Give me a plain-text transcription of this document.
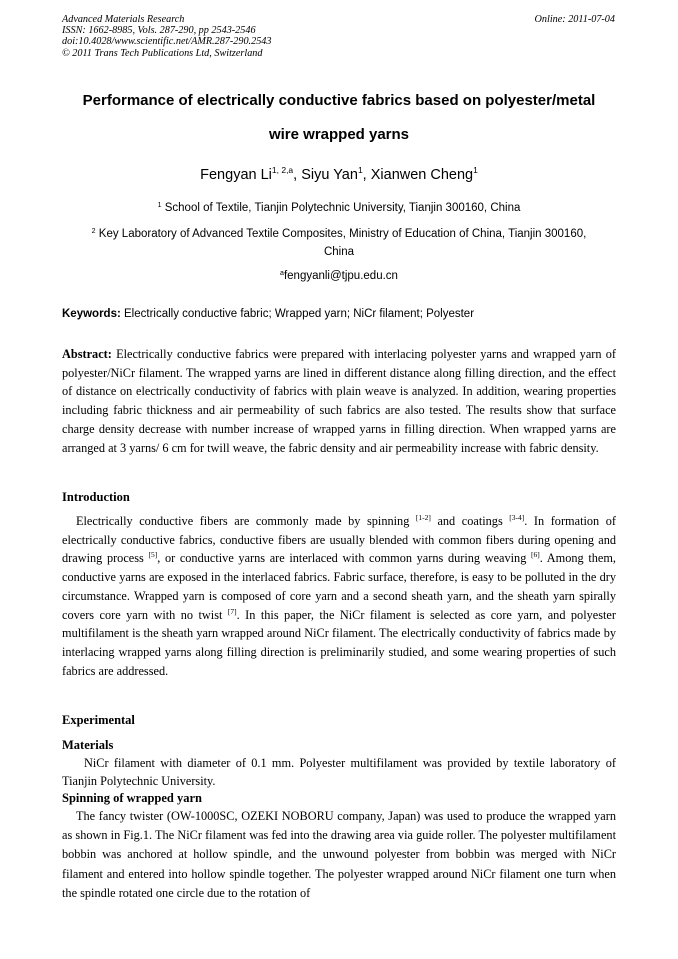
Advanced Materials Research
ISSN: 1662-8985, Vols. 287-290, pp 2543-2546
doi:10.4028/www.scientific.net/AMR.287-290.2543
© 2011 Trans Tech Publications Ltd, Switzerland
Online: 2011-07-04
Performance of electrically conductive fabrics based on polyester/metal
wire wrapped yarns
Fengyan Li$^{1, 2,a}$, Siyu Yan$^1$, Xianwen Cheng$^1$
$^1$ School of Textile, Tianjin Polytechnic University, Tianjin 300160, China
$^2$ Key Laboratory of Advanced Textile Composites, Ministry of Education of China, Tianjin 300160,
China
$^a$fengyanli@tjpu.edu.cn
Keywords: Electrically conductive fabric; Wrapped yarn; NiCr filament; Polyester
Abstract: Electrically conductive fabrics were prepared with interlacing polyester yarns and wrapped yarn of polyester/NiCr filament. The wrapped yarns are lined in different distance along filling direction, and the effect of distance on electrically conductivity of fabrics with plain weave is analyzed. In addition, wearing properties including fabric thickness and air permeability of such fabrics are also tested. The results show that surface charge density decrease with number increase of wrapped yarns in filling direction. When wrapped yarns are arranged at 3 yarns/ 6 cm for twill weave, the fabric density and air permeability increase with fabric density.
Introduction
Electrically conductive fibers are commonly made by spinning [1-2] and coatings [3-4]. In formation of electrically conductive fabrics, conductive fibers are usually blended with common fibers during opening and drawing process [5], or conductive yarns are interlaced with common yarns during weaving [6]. Among them, conductive yarns are exposed in the interlaced fabrics. Fabric surface, therefore, is easy to be polluted in the dry circumstance. Wrapped yarn is composed of core yarn and a second sheath yarn, and the sheath yarn spirally covers core yarn with no twist [7]. In this paper, the NiCr filament is selected as core yarn, and polyester multifilament is the sheath yarn wrapped around NiCr filament. The electrically conductivity of fabrics made by interlacing wrapped yarns along filling direction is preliminarily studied, and some wearing properties of such fabrics are addressed.
Experimental
Materials
NiCr filament with diameter of 0.1 mm. Polyester multifilament was provided by textile laboratory of Tianjin Polytechnic University.
Spinning of wrapped yarn
The fancy twister (OW-1000SC, OZEKI NOBORU company, Japan) was used to produce the wrapped yarn as shown in Fig.1. The NiCr filament was fed into the drawing area via guide roller. The polyester multifilament bobbin was anchored at hollow spindle, and the unwound polyester from bobbin was merged with NiCr filament and entered into hollow spindle together. The polyester wrapped around NiCr filament one turn when the spindle rotated one circle due to the rotation of
